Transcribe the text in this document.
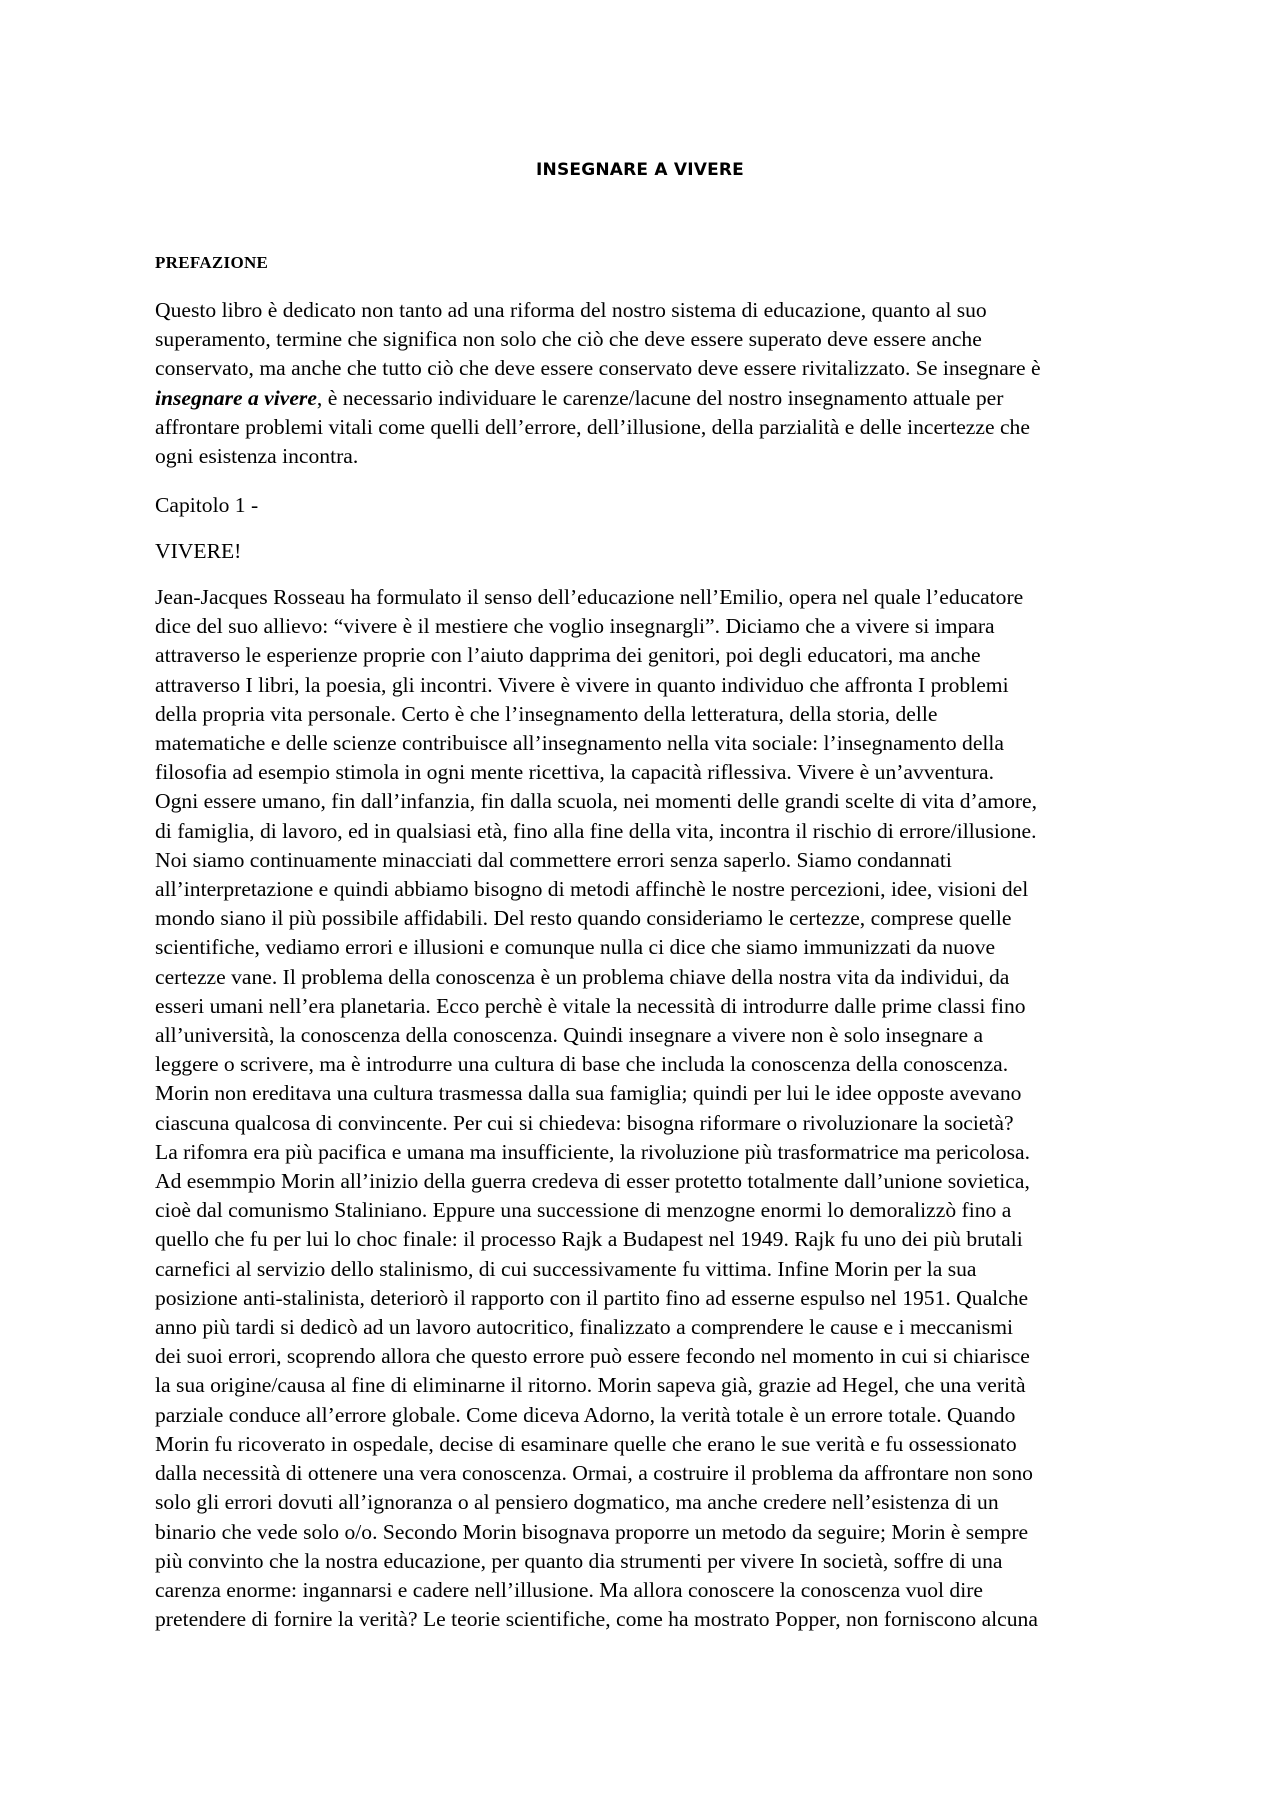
INSEGNARE A VIVERE
PREFAZIONE
Questo libro è dedicato non tanto ad una riforma del nostro sistema di educazione, quanto al suo
superamento, termine che significa non solo che ciò che deve essere superato deve essere anche
conservato, ma anche che tutto ciò che deve essere conservato deve essere rivitalizzato. Se insegnare è
insegnare a vivere, è necessario individuare le carenze/lacune del nostro insegnamento attuale per
affrontare problemi vitali come quelli dell’errore, dell’illusione, della parzialità e delle incertezze che
ogni esistenza incontra.
Capitolo 1 -
VIVERE!
Jean-Jacques Rosseau ha formulato il senso dell’educazione nell’Emilio, opera nel quale l’educatore
dice del suo allievo: “vivere è il mestiere che voglio insegnargli”. Diciamo che a vivere si impara
attraverso le esperienze proprie con l’aiuto dapprima dei genitori, poi degli educatori, ma anche
attraverso I libri, la poesia, gli incontri. Vivere è vivere in quanto individuo che affronta I problemi
della propria vita personale. Certo è che l’insegnamento della letteratura, della storia, delle
matematiche e delle scienze contribuisce all’insegnamento nella vita sociale: l’insegnamento della
filosofia ad esempio stimola in ogni mente ricettiva, la capacità riflessiva. Vivere è un’avventura.
Ogni essere umano, fin dall’infanzia, fin dalla scuola, nei momenti delle grandi scelte di vita d’amore,
di famiglia, di lavoro, ed in qualsiasi età, fino alla fine della vita, incontra il rischio di errore/illusione.
Noi siamo continuamente minacciati dal commettere errori senza saperlo. Siamo condannati
all’interpretazione e quindi abbiamo bisogno di metodi affinchè le nostre percezioni, idee, visioni del
mondo siano il più possibile affidabili. Del resto quando consideriamo le certezze, comprese quelle
scientifiche, vediamo errori e illusioni e comunque nulla ci dice che siamo immunizzati da nuove
certezze vane. Il problema della conoscenza è un problema chiave della nostra vita da individui, da
esseri umani nell’era planetaria. Ecco perchè è vitale la necessità di introdurre dalle prime classi fino
all’università, la conoscenza della conoscenza. Quindi insegnare a vivere non è solo insegnare a
leggere o scrivere, ma è introdurre una cultura di base che includa la conoscenza della conoscenza.
Morin non ereditava una cultura trasmessa dalla sua famiglia; quindi per lui le idee opposte avevano
ciascuna qualcosa di convincente. Per cui si chiedeva: bisogna riformare o rivoluzionare la società?
La rifomra era più pacifica e umana ma insufficiente, la rivoluzione più trasformatrice ma pericolosa.
Ad esemmpio Morin all’inizio della guerra credeva di esser protetto totalmente dall’unione sovietica,
cioè dal comunismo Staliniano. Eppure una successione di menzogne enormi lo demoralizzò fino a
quello che fu per lui lo choc finale: il processo Rajk a Budapest nel 1949. Rajk fu uno dei più brutali
carnefici al servizio dello stalinismo, di cui successivamente fu vittima. Infine Morin per la sua
posizione anti-stalinista, deteriorò il rapporto con il partito fino ad esserne espulso nel 1951. Qualche
anno più tardi si dedicò ad un lavoro autocritico, finalizzato a comprendere le cause e i meccanismi
dei suoi errori, scoprendo allora che questo errore può essere fecondo nel momento in cui si chiarisce
la sua origine/causa al fine di eliminarne il ritorno. Morin sapeva già, grazie ad Hegel, che una verità
parziale conduce all’errore globale. Come diceva Adorno, la verità totale è un errore totale. Quando
Morin fu ricoverato in ospedale, decise di esaminare quelle che erano le sue verità e fu ossessionato
dalla necessità di ottenere una vera conoscenza. Ormai, a costruire il problema da affrontare non sono
solo gli errori dovuti all’ignoranza o al pensiero dogmatico, ma anche credere nell’esistenza di un
binario che vede solo o/o. Secondo Morin bisognava proporre un metodo da seguire; Morin è sempre
più convinto che la nostra educazione, per quanto dia strumenti per vivere In società, soffre di una
carenza enorme: ingannarsi e cadere nell’illusione. Ma allora conoscere la conoscenza vuol dire
pretendere di fornire la verità? Le teorie scientifiche, come ha mostrato Popper, non forniscono alcuna
